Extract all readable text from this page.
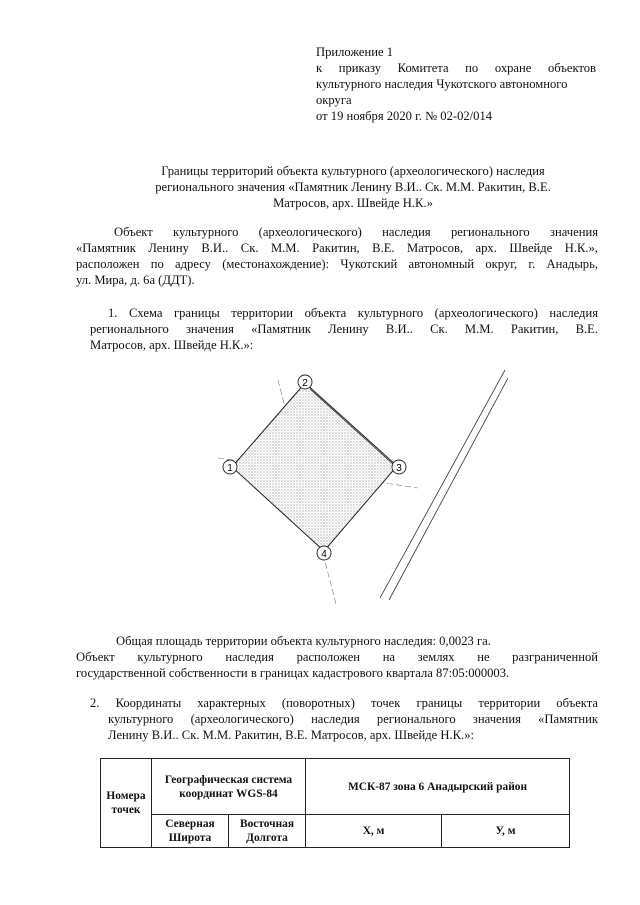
Приложение 1
к приказу Комитета по охране объектов
культурного наследия Чукотского автономного
округа
от 19 ноября 2020 г. № 02-02/014
Границы территорий объекта культурного (археологического) наследия
регионального значения «Памятник Ленину В.И.. Ск. М.М. Ракитин, В.Е.
Матросов, арх. Швейде Н.К.»
Объект культурного (археологического) наследия регионального значения
«Памятник Ленину В.И.. Ск. М.М. Ракитин, В.Е. Матросов, арх. Швейде Н.К.»,
расположен по адресу (местонахождение): Чукотский автономный округ, г. Анадырь,
ул. Мира, д. 6а (ДДТ).
1. Схема границы территории объекта культурного (археологического) наследия
регионального значения «Памятник Ленину В.И.. Ск. М.М. Ракитин, В.Е.
Матросов, арх. Швейде Н.К.»:
1
2
3
4
Общая площадь территории объекта культурного наследия: 0,0023 га.
Объект культурного наследия расположен на землях не разграниченной
государственной собственности в границах кадастрового квартала 87:05:000003.
2. Координаты характерных (поворотных) точек границы территории объекта
культурного (археологического) наследия регионального значения «Памятник
Ленину В.И.. Ск. М.М. Ракитин, В.Е. Матросов, арх. Швейде Н.К.»:
Номера точек	Географическая система координат WGS-84		МСК-87 зона 6 Анадырский район	
	Северная Широта	Восточная Долгота	Х, м	У, м
